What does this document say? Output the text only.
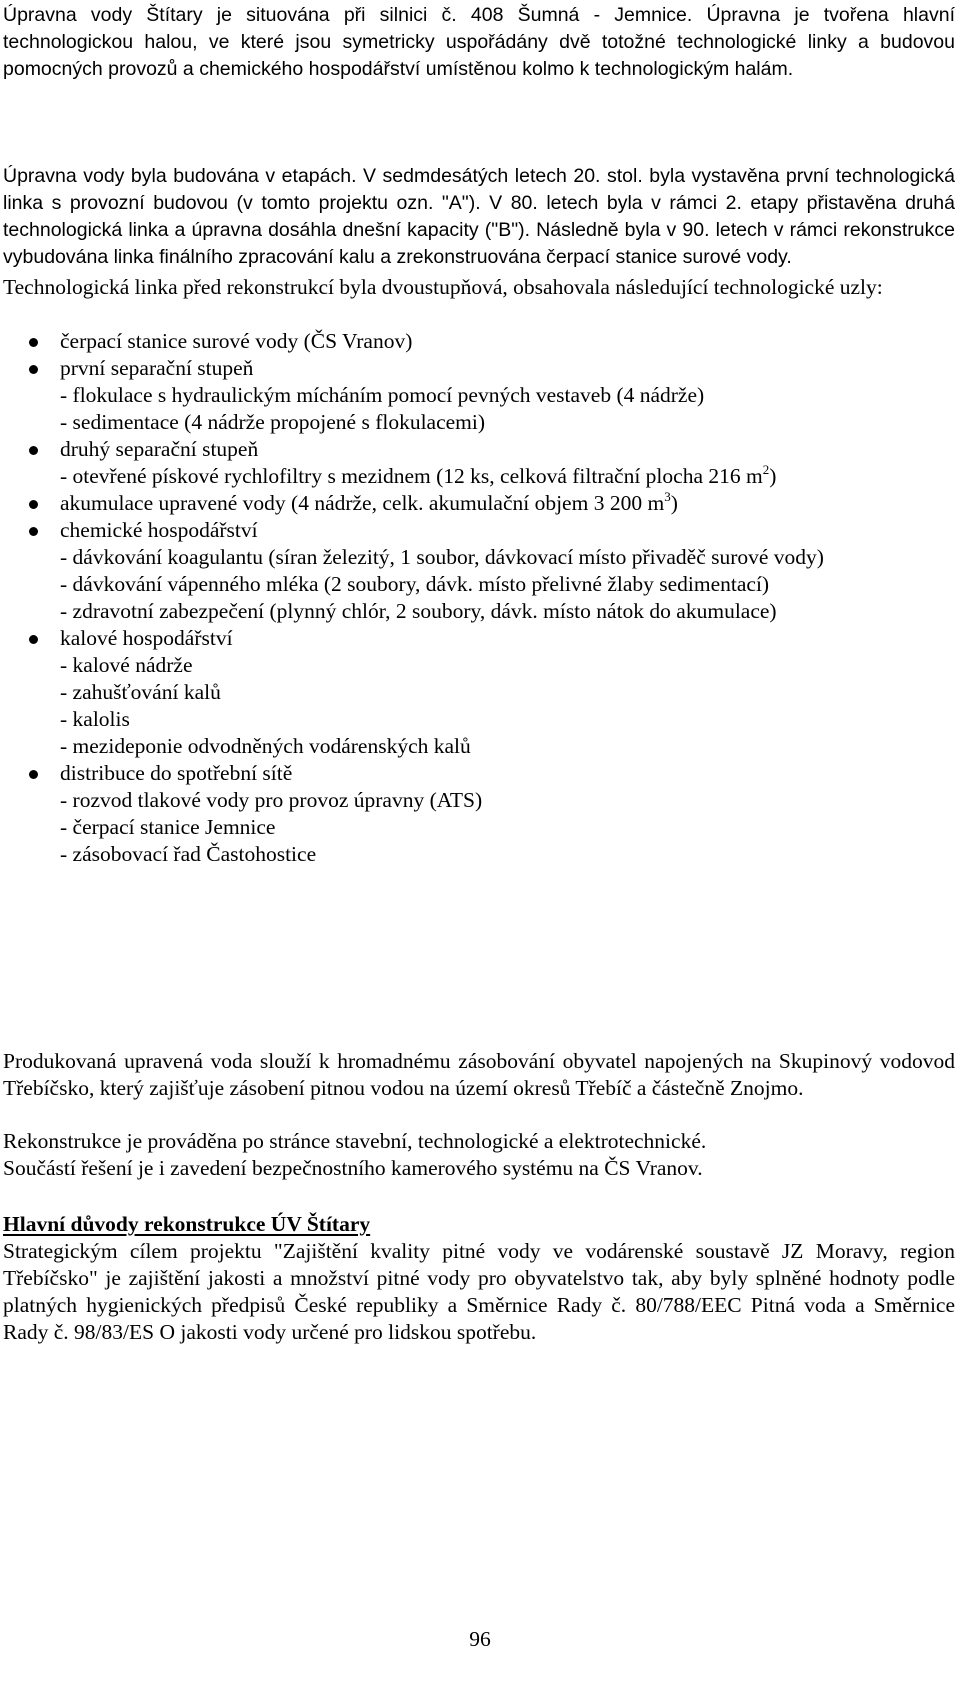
Úpravna vody Štítary je situována při silnici č. 408 Šumná - Jemnice. Úpravna je tvořena hlavní technologickou halou, ve které jsou symetricky uspořádány dvě totožné technologické linky a budovou pomocných provozů a chemického hospodářství umístěnou kolmo k technologickým halám.

Úpravna vody byla budována v etapách. V sedmdesátých letech 20. stol. byla vystavěna první technologická linka s provozní budovou (v tomto projektu ozn. "A"). V 80. letech byla v rámci 2. etapy přistavěna druhá technologická linka a úpravna dosáhla dnešní kapacity ("B"). Následně byla v 90. letech v rámci rekonstrukce vybudována linka finálního zpracování kalu a zrekonstruována čerpací stanice surové vody.

Technologická linka před rekonstrukcí byla dvoustupňová, obsahovala následující technologické uzly:

čerpací stanice surové vody (ČS Vranov)
první separační stupeň
- flokulace s hydraulickým mícháním pomocí pevných vestaveb (4 nádrže)
- sedimentace (4 nádrže propojené s flokulacemi)
druhý separační stupeň
- otevřené pískové rychlofiltry s mezidnem (12 ks, celková filtrační plocha 216 $m^2$)
akumulace upravené vody (4 nádrže, celk. akumulační objem 3 200 $m^3$)
chemické hospodářství
- dávkování koagulantu (síran železitý, 1 soubor, dávkovací místo přivaděč surové vody)
- dávkování vápenného mléka (2 soubory, dávk. místo přelivné žlaby sedimentací)
- zdravotní zabezpečení (plynný chlór, 2 soubory, dávk. místo nátok do akumulace)
kalové hospodářství
- kalové nádrže
- zahušťování kalů
- kalolis
- mezideponie odvodněných vodárenských kalů
distribuce do spotřební sítě
- rozvod tlakové vody pro provoz úpravny (ATS)
- čerpací stanice Jemnice
- zásobovací řad Častohostice

Produkovaná upravená voda slouží k hromadnému zásobování obyvatel napojených na Skupinový vodovod Třebíčsko, který zajišťuje zásobení pitnou vodou na území okresů Třebíč a částečně Znojmo.

Rekonstrukce je prováděna po stránce stavební, technologické a elektrotechnické.

Součástí řešení je i zavedení bezpečnostního kamerového systému na ČS Vranov.

Hlavní důvody rekonstrukce ÚV Štítary

Strategickým cílem projektu "Zajištění kvality pitné vody ve vodárenské soustavě JZ Moravy, region Třebíčsko" je zajištění jakosti a množství pitné vody pro obyvatelstvo tak, aby byly splněné hodnoty podle platných hygienických předpisů České republiky a Směrnice Rady č. 80/788/EEC Pitná voda a Směrnice Rady č. 98/83/ES O jakosti vody určené pro lidskou spotřebu.

96
